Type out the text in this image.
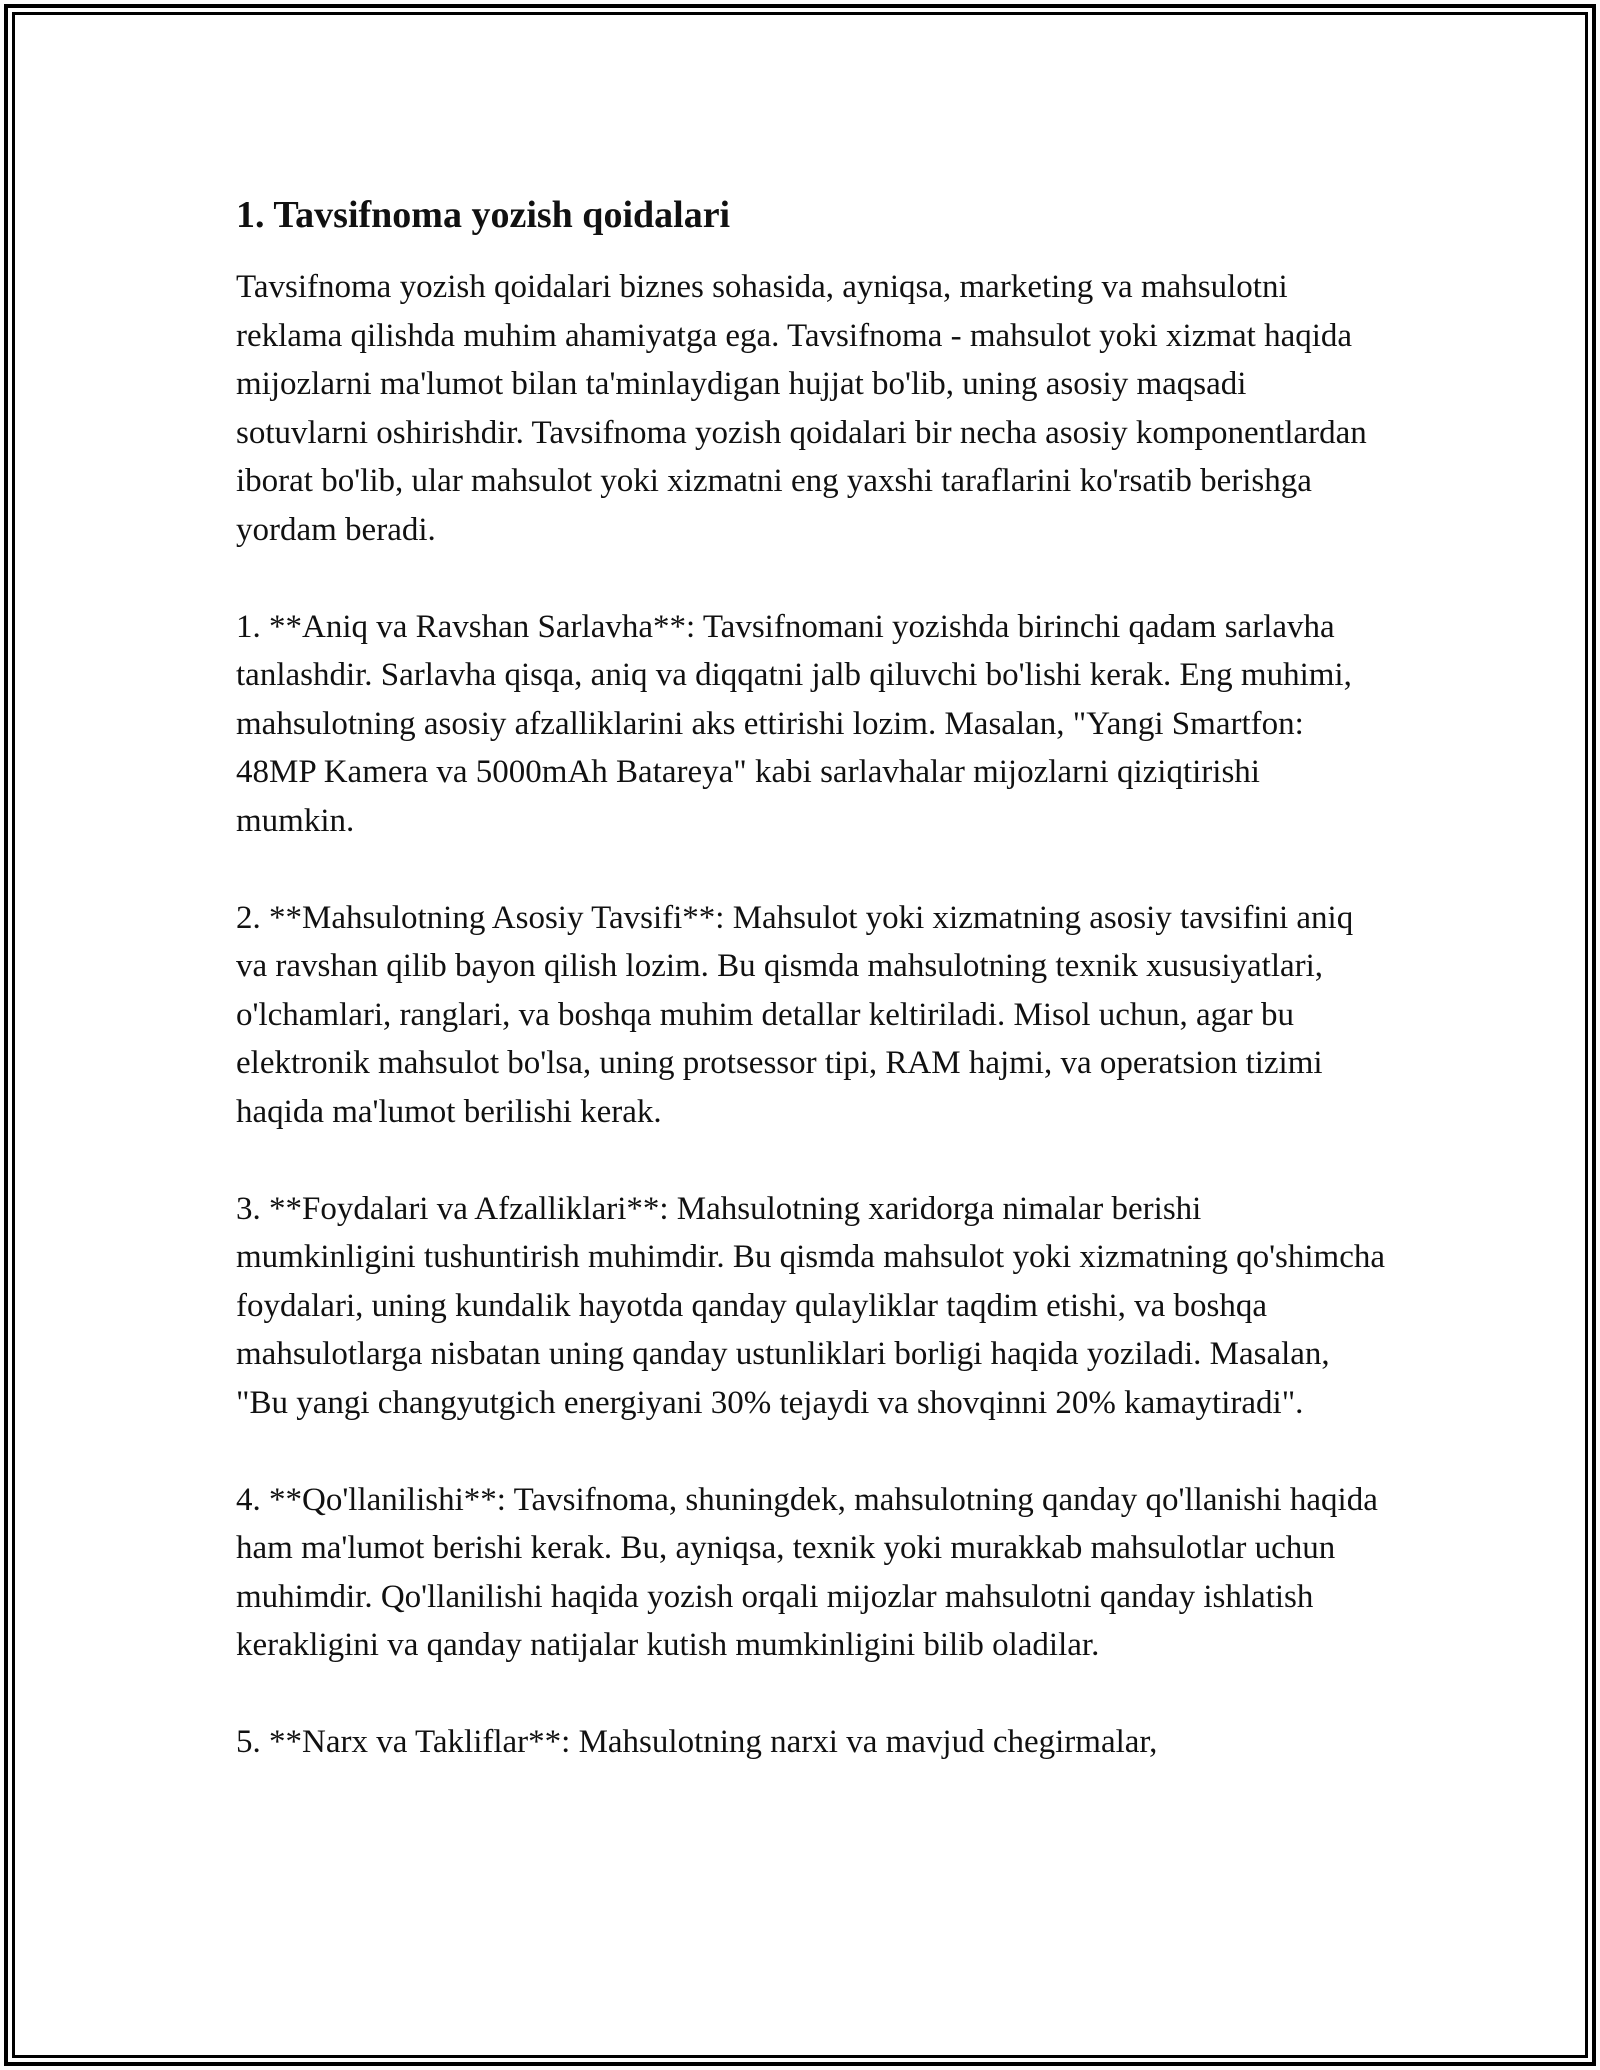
1. Tavsifnoma yozish qoidalari

Tavsifnoma yozish qoidalari biznes sohasida, ayniqsa, marketing va mahsulotni reklama qilishda muhim ahamiyatga ega. Tavsifnoma - mahsulot yoki xizmat haqida mijozlarni ma'lumot bilan ta'minlaydigan hujjat bo'lib, uning asosiy maqsadi sotuvlarni oshirishdir. Tavsifnoma yozish qoidalari bir necha asosiy komponentlardan iborat bo'lib, ular mahsulot yoki xizmatni eng yaxshi taraflarini ko'rsatib berishga yordam beradi.

1. **Aniq va Ravshan Sarlavha**: Tavsifnomani yozishda birinchi qadam sarlavha tanlashdir. Sarlavha qisqa, aniq va diqqatni jalb qiluvchi bo'lishi kerak. Eng muhimi, mahsulotning asosiy afzalliklarini aks ettirishi lozim. Masalan, "Yangi Smartfon: 48MP Kamera va 5000mAh Batareya" kabi sarlavhalar mijozlarni qiziqtirishi mumkin.

2. **Mahsulotning Asosiy Tavsifi**: Mahsulot yoki xizmatning asosiy tavsifini aniq va ravshan qilib bayon qilish lozim. Bu qismda mahsulotning texnik xususiyatlari, o'lchamlari, ranglari, va boshqa muhim detallar keltiriladi. Misol uchun, agar bu elektronik mahsulot bo'lsa, uning protsessor tipi, RAM hajmi, va operatsion tizimi haqida ma'lumot berilishi kerak.

3. **Foydalari va Afzalliklari**: Mahsulotning xaridorga nimalar berishi mumkinligini tushuntirish muhimdir. Bu qismda mahsulot yoki xizmatning qo'shimcha foydalari, uning kundalik hayotda qanday qulayliklar taqdim etishi, va boshqa mahsulotlarga nisbatan uning qanday ustunliklari borligi haqida yoziladi. Masalan, "Bu yangi changyutgich energiyani 30% tejaydi va shovqinni 20% kamaytiradi".

4. **Qo'llanilishi**: Tavsifnoma, shuningdek, mahsulotning qanday qo'llanishi haqida ham ma'lumot berishi kerak. Bu, ayniqsa, texnik yoki murakkab mahsulotlar uchun muhimdir. Qo'llanilishi haqida yozish orqali mijozlar mahsulotni qanday ishlatish kerakligini va qanday natijalar kutish mumkinligini bilib oladilar.

5. **Narx va Takliflar**: Mahsulotning narxi va mavjud chegirmalar,
